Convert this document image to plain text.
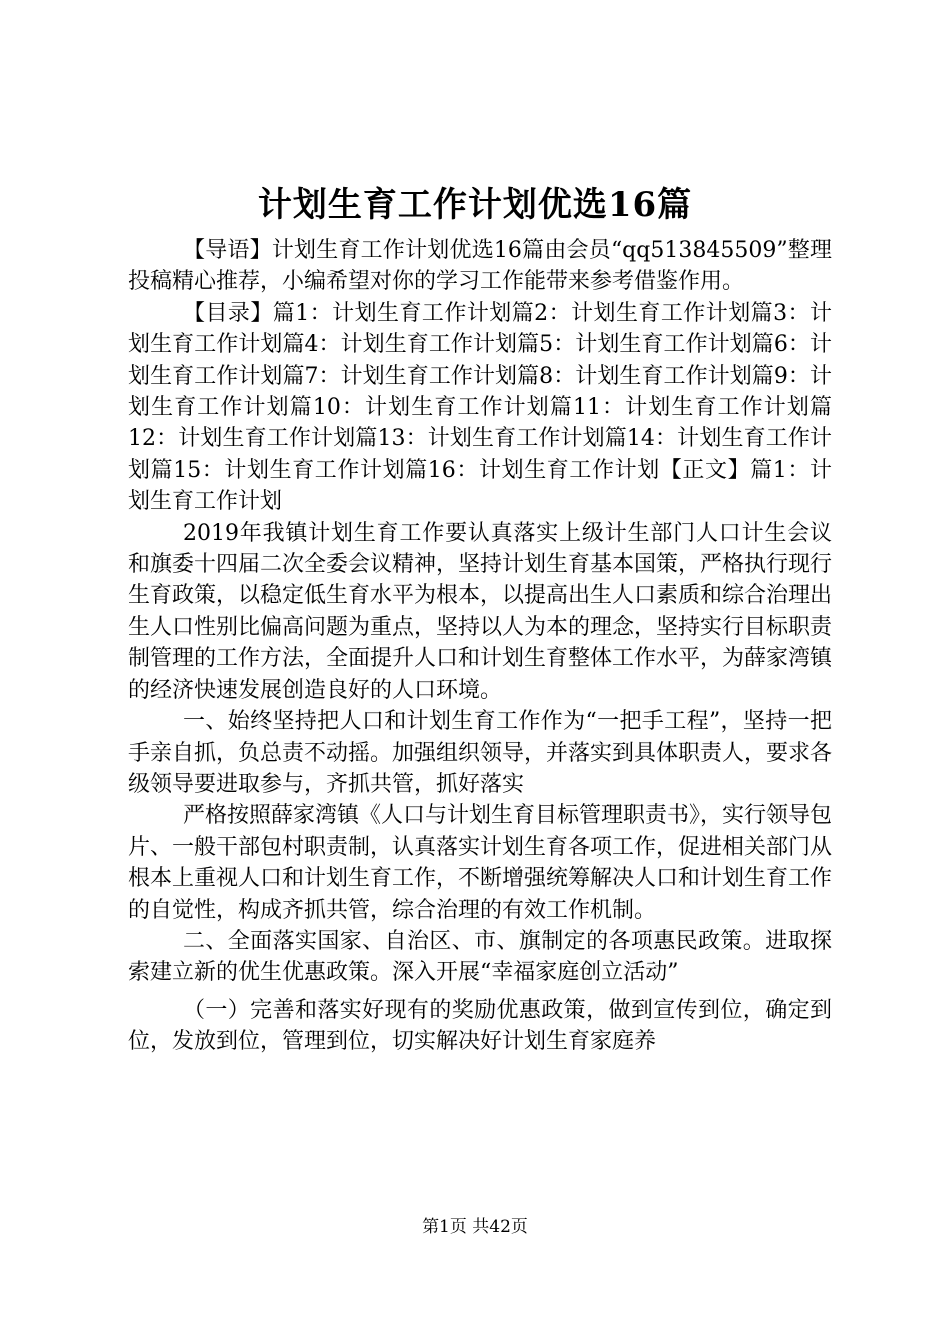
计划生育工作计划优选16篇

【导语】计划生育工作计划优选16篇由会员“qq513845509”整理投稿精心推荐，小编希望对你的学习工作能带来参考借鉴作用。

【目录】篇1：计划生育工作计划篇2：计划生育工作计划篇3：计划生育工作计划篇4：计划生育工作计划篇5：计划生育工作计划篇6：计划生育工作计划篇7：计划生育工作计划篇8：计划生育工作计划篇9：计划生育工作计划篇10：计划生育工作计划篇11：计划生育工作计划篇12：计划生育工作计划篇13：计划生育工作计划篇14：计划生育工作计划篇15：计划生育工作计划篇16：计划生育工作计划【正文】篇1：计划生育工作计划

2019年我镇计划生育工作要认真落实上级计生部门人口计生会议和旗委十四届二次全委会议精神，坚持计划生育基本国策，严格执行现行生育政策，以稳定低生育水平为根本，以提高出生人口素质和综合治理出生人口性别比偏高问题为重点，坚持以人为本的理念，坚持实行目标职责制管理的工作方法，全面提升人口和计划生育整体工作水平，为薛家湾镇的经济快速发展创造良好的人口环境。

一、始终坚持把人口和计划生育工作作为“一把手工程”，坚持一把手亲自抓，负总责不动摇。加强组织领导，并落实到具体职责人，要求各级领导要进取参与，齐抓共管，抓好落实

严格按照薛家湾镇《人口与计划生育目标管理职责书》，实行领导包片、一般干部包村职责制，认真落实计划生育各项工作，促进相关部门从根本上重视人口和计划生育工作，不断增强统筹解决人口和计划生育工作的自觉性，构成齐抓共管，综合治理的有效工作机制。

二、全面落实国家、自治区、市、旗制定的各项惠民政策。进取探索建立新的优生优惠政策。深入开展“幸福家庭创立活动”

（一）完善和落实好现有的奖励优惠政策，做到宣传到位，确定到位，发放到位，管理到位，切实解决好计划生育家庭养

第1页 共42页
